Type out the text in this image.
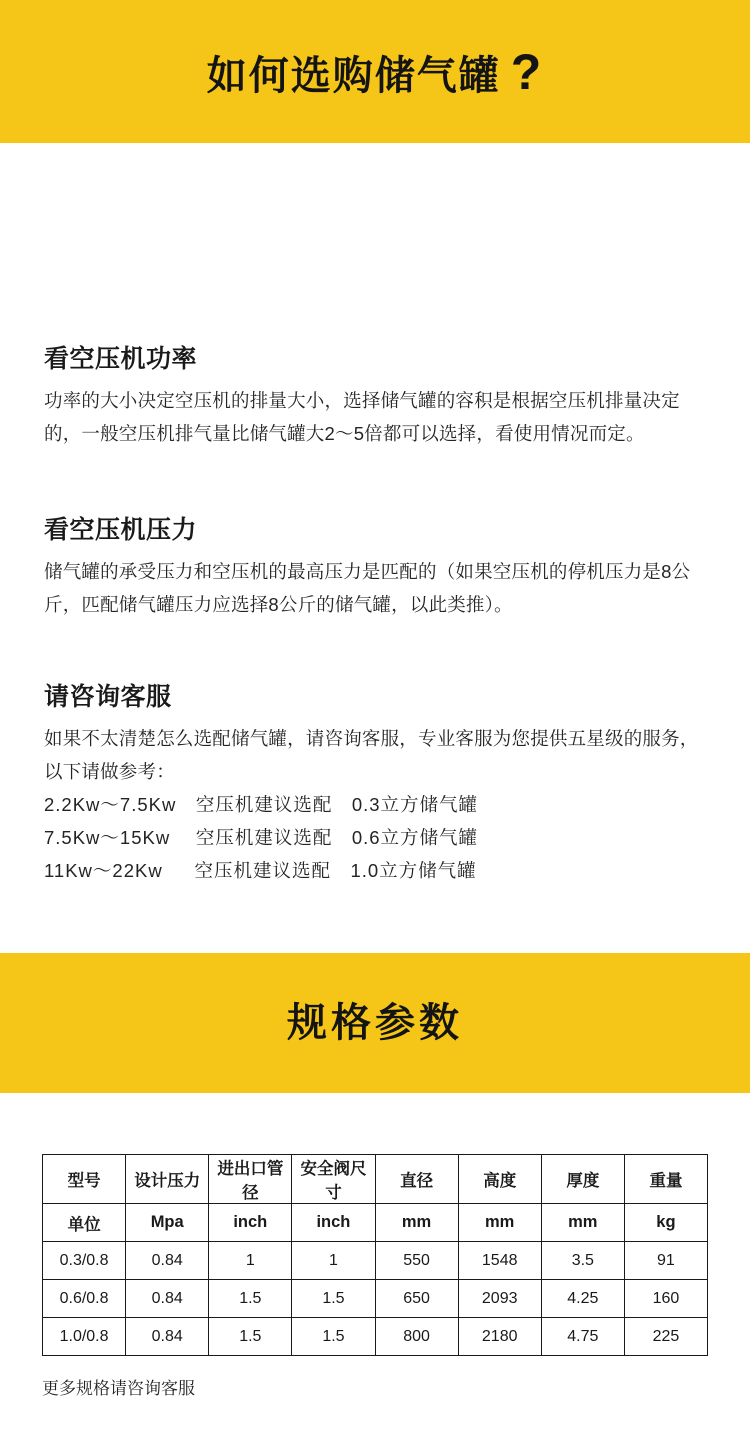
如何选购储气罐 ?
看空压机功率
功率的大小决定空压机的排量大小，选择储气罐的容积是根据空压机排量决定的，一般空压机排气量比储气罐大2～5倍都可以选择，看使用情况而定。
看空压机压力
储气罐的承受压力和空压机的最高压力是匹配的（如果空压机的停机压力是8公斤，匹配储气罐压力应选择8公斤的储气罐，以此类推）。
请咨询客服
如果不太清楚怎么选配储气罐，请咨询客服，专业客服为您提供五星级的服务，以下请做参考：
2.2Kw～7.5Kw　空压机建议选配　0.3立方储气罐
7.5Kw～15Kw　 空压机建议选配　0.6立方储气罐
11Kw～22Kw　  空压机建议选配　1.0立方储气罐
规格参数
型号	设计压力	进出口管径	安全阀尺寸	直径	高度	厚度	重量
单位	Mpa	inch	inch	mm	mm	mm	kg
0.3/0.8	0.84	1	1	550	1548	3.5	91
0.6/0.8	0.84	1.5	1.5	650	2093	4.25	160
1.0/0.8	0.84	1.5	1.5	800	2180	4.75	225
更多规格请咨询客服
